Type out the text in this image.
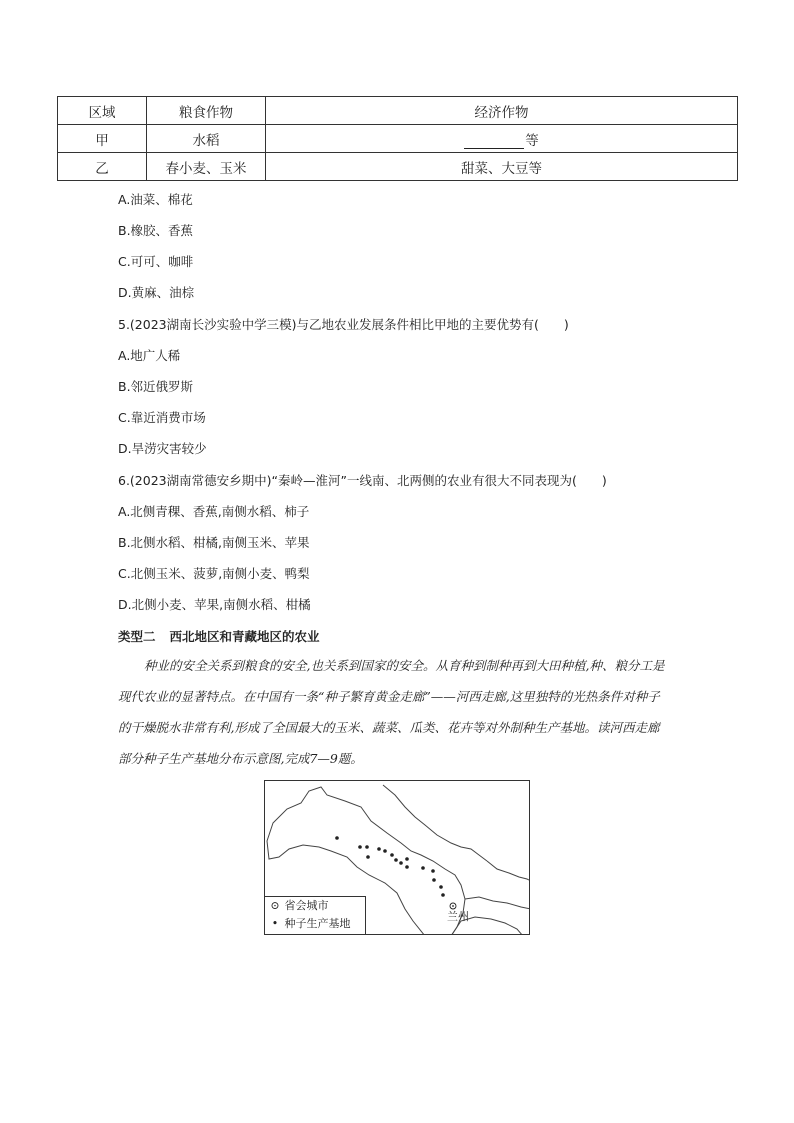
区域	粮食作物	经济作物
甲	水稻	等
乙	春小麦、玉米	甜菜、大豆等
A.油菜、棉花
B.橡胶、香蕉
C.可可、咖啡
D.黄麻、油棕
5.(2023湖南长沙实验中学三模)与乙地农业发展条件相比甲地的主要优势有(　　)
A.地广人稀
B.邻近俄罗斯
C.靠近消费市场
D.旱涝灾害较少
6.(2023湖南常德安乡期中)“秦岭—淮河”一线南、北两侧的农业有很大不同表现为(　　)
A.北侧青稞、香蕉,南侧水稻、柿子
B.北侧水稻、柑橘,南侧玉米、苹果
C.北侧玉米、菠萝,南侧小麦、鸭梨
D.北侧小麦、苹果,南侧水稻、柑橘
类型二 西北地区和青藏地区的农业
种业的安全关系到粮食的安全,也关系到国家的安全。从育种到制种再到大田种植,种、粮分工是
现代农业的显著特点。在中国有一条“种子繁育黄金走廊”——河西走廊,这里独特的光热条件对种子
的干燥脱水非常有利,形成了全国最大的玉米、蔬菜、瓜类、花卉等对外制种生产基地。读河西走廊
部分种子生产基地分布示意图,完成7—9题。
兰州
⊙ 省会城市
• 种子生产基地
